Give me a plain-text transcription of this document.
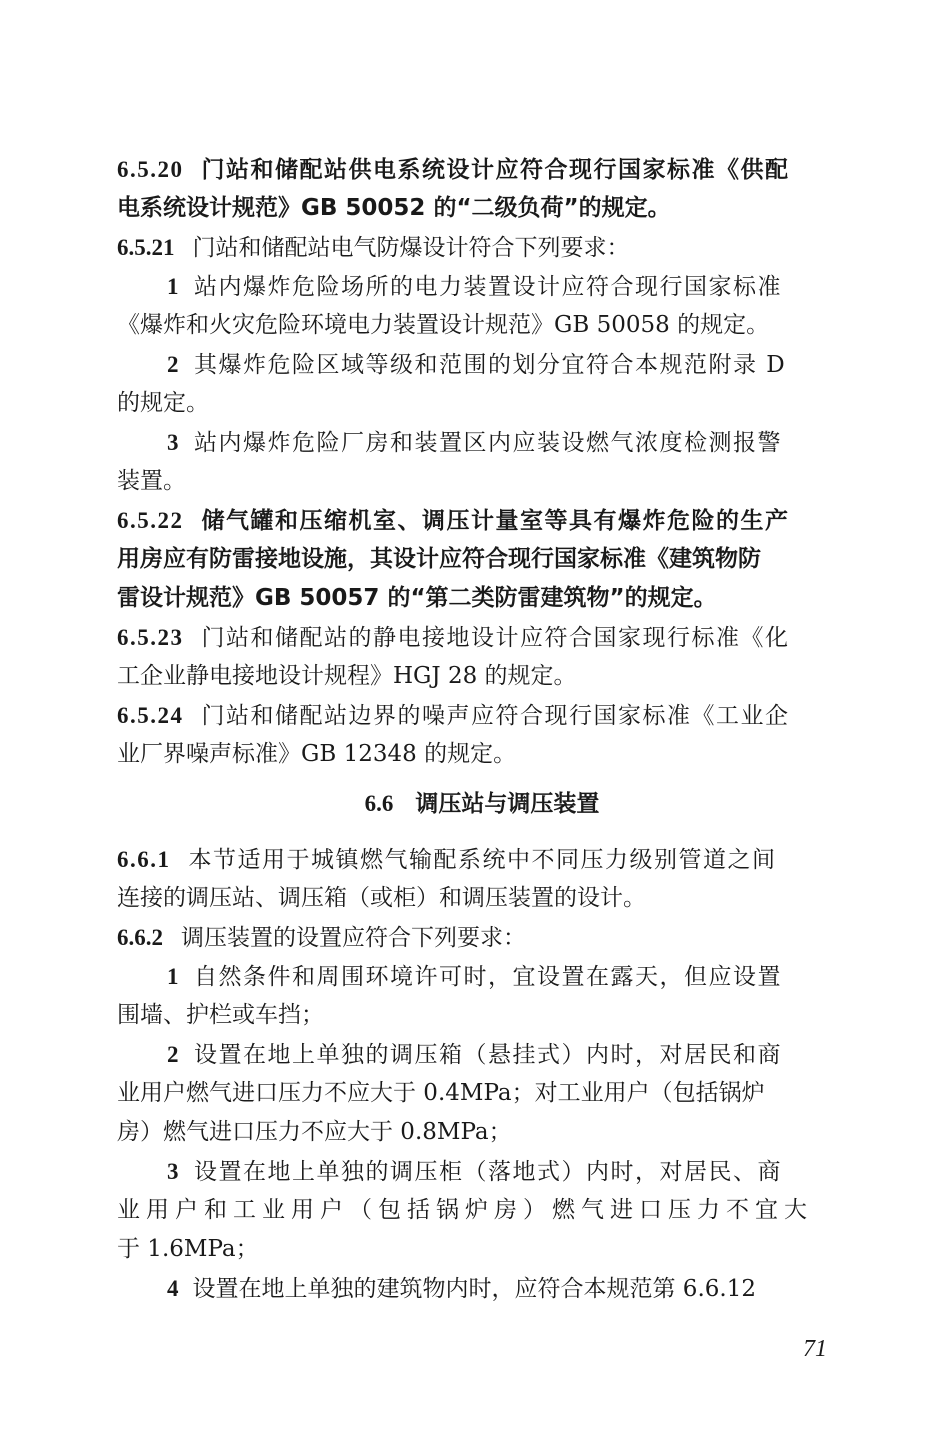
6.5.20 门站和储配站供电系统设计应符合现行国家标准《供配
电系统设计规范》GB 50052 的“二级负荷”的规定。
6.5.21 门站和储配站电气防爆设计符合下列要求：
1 站内爆炸危险场所的电力装置设计应符合现行国家标准
《爆炸和火灾危险环境电力装置设计规范》GB 50058 的规定。
2 其爆炸危险区域等级和范围的划分宜符合本规范附录 D
的规定。
3 站内爆炸危险厂房和装置区内应装设燃气浓度检测报警
装置。
6.5.22 储气罐和压缩机室、调压计量室等具有爆炸危险的生产
用房应有防雷接地设施，其设计应符合现行国家标准《建筑物防
雷设计规范》GB 50057 的“第二类防雷建筑物”的规定。
6.5.23 门站和储配站的静电接地设计应符合国家现行标准《化
工企业静电接地设计规程》HGJ 28 的规定。
6.5.24 门站和储配站边界的噪声应符合现行国家标准《工业企
业厂界噪声标准》GB 12348 的规定。
6.6 调压站与调压装置
6.6.1 本节适用于城镇燃气输配系统中不同压力级别管道之间
连接的调压站、调压箱（或柜）和调压装置的设计。
6.6.2 调压装置的设置应符合下列要求：
1 自然条件和周围环境许可时，宜设置在露天，但应设置
围墙、护栏或车挡；
2 设置在地上单独的调压箱（悬挂式）内时，对居民和商
业用户燃气进口压力不应大于 0.4MPa；对工业用户（包括锅炉
房）燃气进口压力不应大于 0.8MPa；
3 设置在地上单独的调压柜（落地式）内时，对居民、商
业用户和工业用户（包括锅炉房）燃气进口压力不宜大
于 1.6MPa；
4 设置在地上单独的建筑物内时，应符合本规范第 6.6.12
71
